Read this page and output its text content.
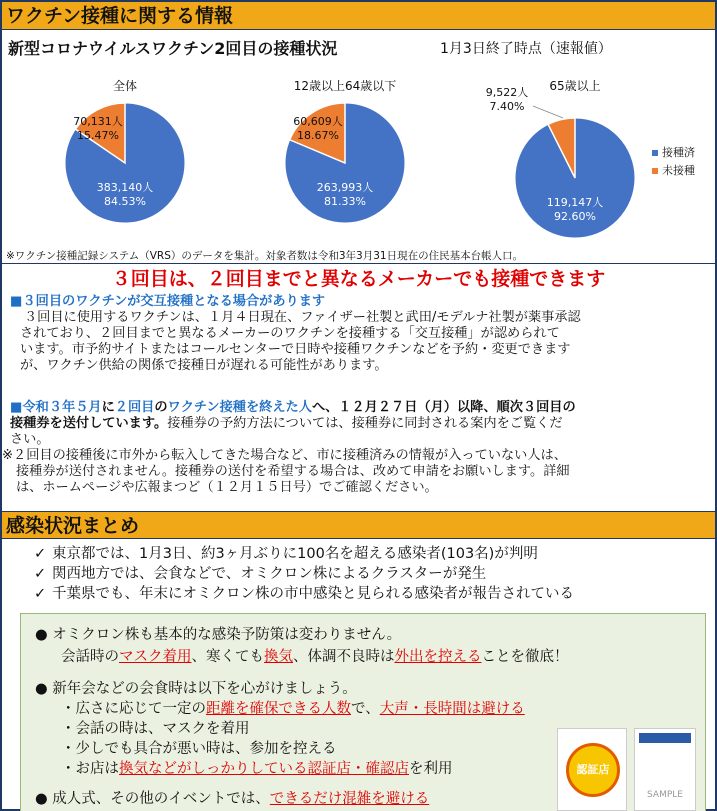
ワクチン接種に関する情報
新型コロナウイルスワクチン2回目の接種状況	1月3日終了時点（速報値）
全体
383,140人
84.53%
70,131人
15.47%
12歳以上64歳以下
263,993人
81.33%
60,609人
18.67%
65歳以上
119,147人
92.60%
9,522人
7.40%
接種済
未接種
※ワクチン接種記録システム（VRS）のデータを集計。対象者数は令和3年3月31日現在の住民基本台帳人口。
３回目は、２回目までと異なるメーカーでも接種できます
■３回目のワクチンが交互接種となる場合があります
３回目に使用するワクチンは、１月４日現在、ファイザー社製と武田/モデルナ社製が薬事承認
されており、２回目までと異なるメーカーのワクチンを接種する「交互接種」が認められて
います。市予約サイトまたはコールセンターで日時や接種ワクチンなどを予約・変更できます
が、ワクチン供給の関係で接種日が遅れる可能性があります。
■令和３年５月に２回目のワクチン接種を終えた人へ、１２月２７日（月）以降、順次３回目の
接種券を送付しています。接種券の予約方法については、接種券に同封される案内をご覧くだ
さい。
※２回目の接種後に市外から転入してきた場合など、市に接種済みの情報が入っていない人は、
接種券が送付されません。接種券の送付を希望する場合は、改めて申請をお願いします。詳細
は、ホームページや広報まつど（１２月１５日号）でご確認ください。
感染状況まとめ
✓ 東京都では、1月3日、約3ヶ月ぶりに100名を超える感染者(103名)が判明
✓ 関西地方では、会食などで、オミクロン株によるクラスターが発生
✓ 千葉県でも、年末にオミクロン株の市中感染と見られる感染者が報告されている
● オミクロン株も基本的な感染予防策は変わりません。
会話時のマスク着用、寒くても換気、体調不良時は外出を控えることを徹底！
● 新年会などの会食時は以下を心がけましょう。
・広さに応じて一定の距離を確保できる人数で、大声・長時間は避ける
・会話の時は、マスクを着用
・少しでも具合が悪い時は、参加を控える
・お店は換気などがしっかりしている認証店・確認店を利用
● 成人式、その他のイベントでは、できるだけ混雑を避ける
認証店
SAMPLE
